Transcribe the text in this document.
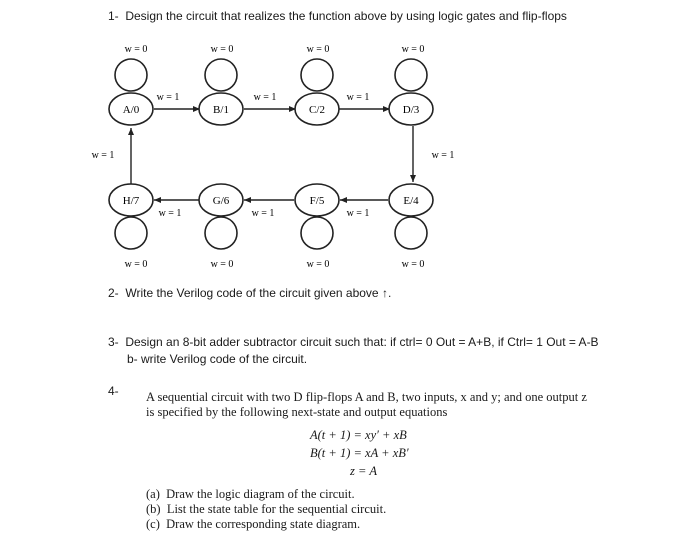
1- Design the circuit that realizes the function above by using logic gates and flip-flops
w = 0	w = 0	w = 0	w = 0
w = 1	w = 1	w = 1
w = 1	w = 1
w = 1	w = 1	w = 1
w = 0	w = 0	w = 0	w = 0
A/0	B/1	C/2	D/3
H/7	G/6	F/5	E/4
2- Write the Verilog code of the circuit given above ↑.
3- Design an 8-bit adder subtractor circuit such that: if ctrl= 0 Out = A+B, if Ctrl= 1 Out = A-B
b- write Verilog code of the circuit.
4- A sequential circuit with two D flip-flops A and B, two inputs, x and y; and one output z
is specified by the following next-state and output equations
A(t + 1) = xy′ + xB
B(t + 1) = xA + xB′
z = A
(a) Draw the logic diagram of the circuit.
(b) List the state table for the sequential circuit.
(c) Draw the corresponding state diagram.
